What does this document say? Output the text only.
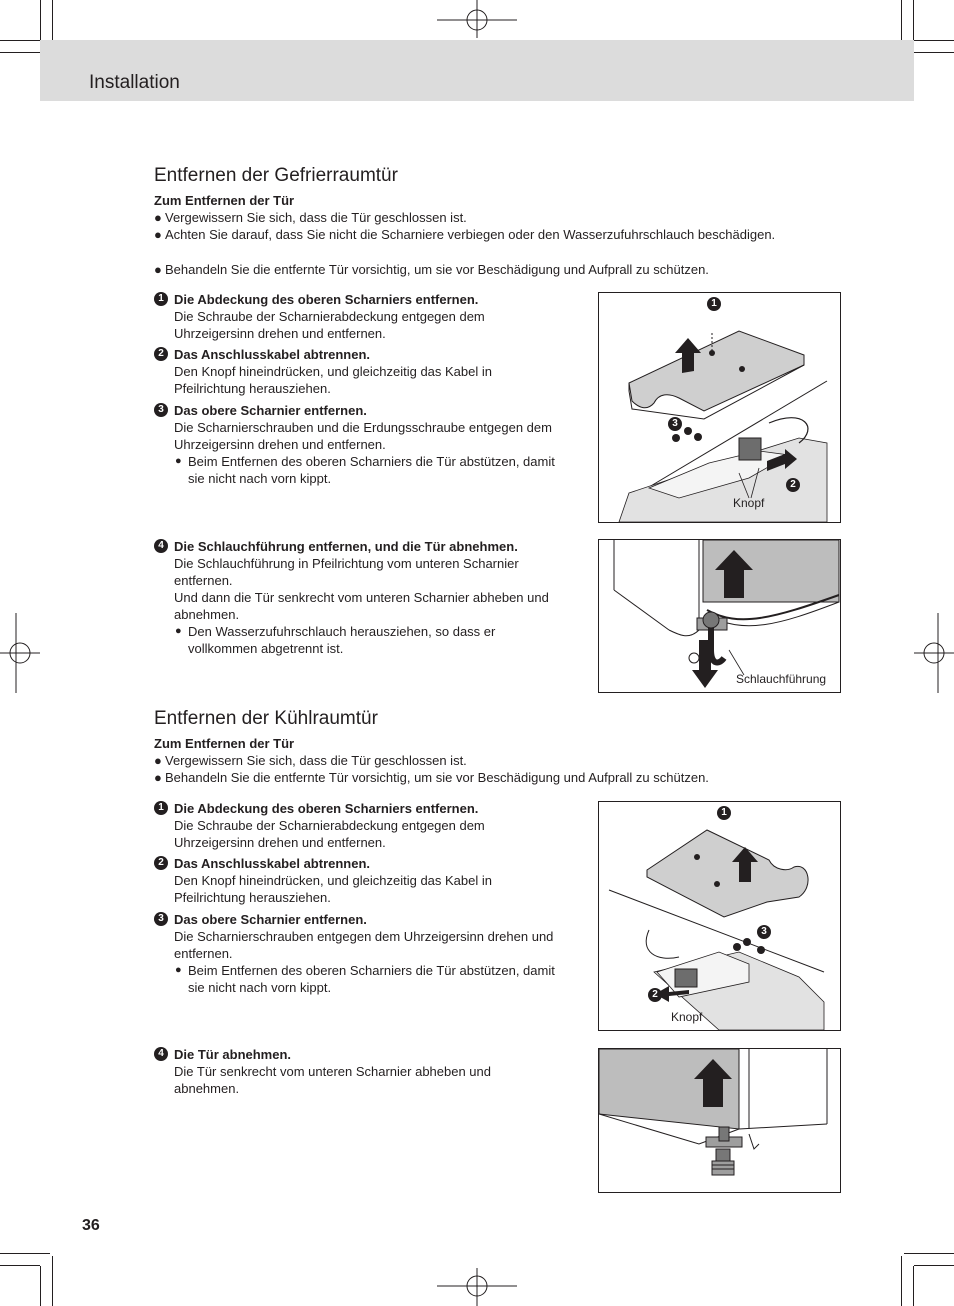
Installation
Entfernen der Gefrierraumtür
Zum Entfernen der Tür
● Vergewissern Sie sich, dass die Tür geschlossen ist.
● Achten Sie darauf, dass Sie nicht die Scharniere verbiegen oder den Wasserzufuhrschlauch beschädigen.
● Behandeln Sie die entfernte Tür vorsichtig, um sie vor Beschädigung und Aufprall zu schützen.
1 Die Abdeckung des oberen Scharniers entfernen.
Die Schraube der Scharnierabdeckung entgegen dem Uhrzeigersinn drehen und entfernen.
2 Das Anschlusskabel abtrennen.
Den Knopf hineindrücken, und gleichzeitig das Kabel in Pfeilrichtung herausziehen.
3 Das obere Scharnier entfernen.
Die Scharnierschrauben und die Erdungsschraube entgegen dem Uhrzeigersinn drehen und entfernen.
● Beim Entfernen des oberen Scharniers die Tür abstützen, damit sie nicht nach vorn kippt.
4 Die Schlauchführung entfernen, und die Tür abnehmen.
Die Schlauchführung in Pfeilrichtung vom unteren Scharnier entfernen.
Und dann die Tür senkrecht vom unteren Scharnier abheben und abnehmen.
● Den Wasserzufuhrschlauch herausziehen, so dass er vollkommen abgetrennt ist.
1
3
2
Knopf
Schlauchführung
Entfernen der Kühlraumtür
Zum Entfernen der Tür
● Vergewissern Sie sich, dass die Tür geschlossen ist.
● Behandeln Sie die entfernte Tür vorsichtig, um sie vor Beschädigung und Aufprall zu schützen.
1 Die Abdeckung des oberen Scharniers entfernen.
Die Schraube der Scharnierabdeckung entgegen dem Uhrzeigersinn drehen und entfernen.
2 Das Anschlusskabel abtrennen.
Den Knopf hineindrücken, und gleichzeitig das Kabel in Pfeilrichtung herausziehen.
3 Das obere Scharnier entfernen.
Die Scharnierschrauben entgegen dem Uhrzeigersinn drehen und entfernen.
● Beim Entfernen des oberen Scharniers die Tür abstützen, damit sie nicht nach vorn kippt.
4 Die Tür abnehmen.
Die Tür senkrecht vom unteren Scharnier abheben und abnehmen.
1
3
2
Knopf
36
